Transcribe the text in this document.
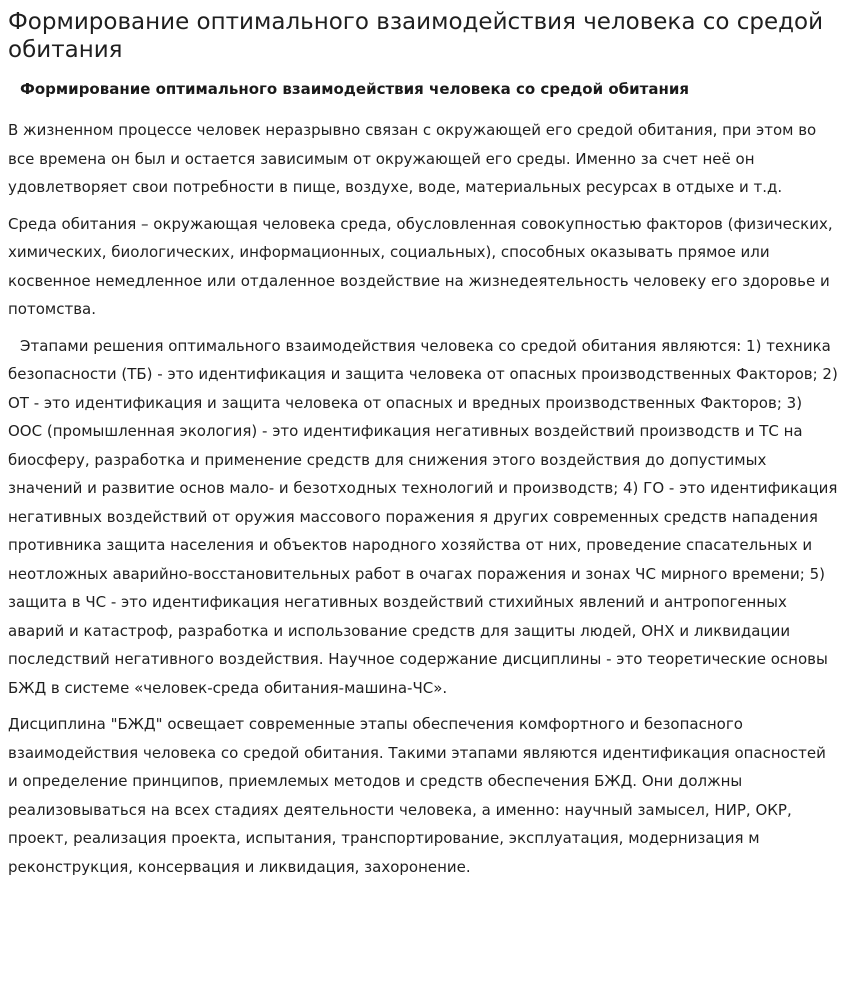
Формирование оптимального взаимодействия человека со средой обитания
Формирование оптимального взаимодействия человека со средой обитания

В жизненном процессе человек неразрывно связан с окружающей его средой обитания, при этом во все времена он был и остается зависимым от окружающей его среды. Именно за счет неё он удовлетворяет свои потребности в пище, воздухе, воде, материальных ресурсах в отдыхе и т.д.

Среда обитания – окружающая человека среда, обусловленная совокупностью факторов (физических, химических, биологических, информационных, социальных), способных оказывать прямое или косвенное немедленное или отдаленное воздействие на жизнедеятельность человеку его здоровье и потомства.

Этапами решения оптимального взаимодействия человека со средой обитания являются: 1) техника безопасности (ТБ) - это идентификация и защита человека от опасных производственных Факторов; 2) ОТ - это идентификация и защита человека от опасных и вредных производственных Факторов; 3) ООС (промышленная экология) - это идентификация негативных воздействий производств и ТС на биосферу, разработка и применение средств для снижения этого воздействия до допустимых значений и развитие основ мало- и безотходных технологий и производств; 4) ГО - это идентификация негативных воздействий от оружия массового поражения я других современных средств нападения противника защита населения и объектов народного хозяйства от них, проведение спасательных и неотложных аварийно-восстановительных работ в очагах поражения и зонах ЧС мирного времени; 5) защита в ЧС - это идентификация негативных воздействий стихийных явлений и антропогенных аварий и катастроф, разработка и использование средств для защиты людей, ОНХ и ликвидации последствий негативного воздействия. Научное содержание дисциплины - это теоретические основы БЖД в системе «человек-среда обитания-машина-ЧС».

Дисциплина "БЖД" освещает современные этапы обеспечения комфортного и безопасного взаимодействия человека со средой обитания. Такими этапами являются идентификация опасностей и определение принципов, приемлемых методов и средств обеспечения БЖД. Они должны реализовываться на всех стадиях деятельности человека, а именно: научный замысел, НИР, ОКР, проект, реализация проекта, испытания, транспортирование, эксплуатация, модернизация м реконструкция, консервация и ликвидация, захоронение.
